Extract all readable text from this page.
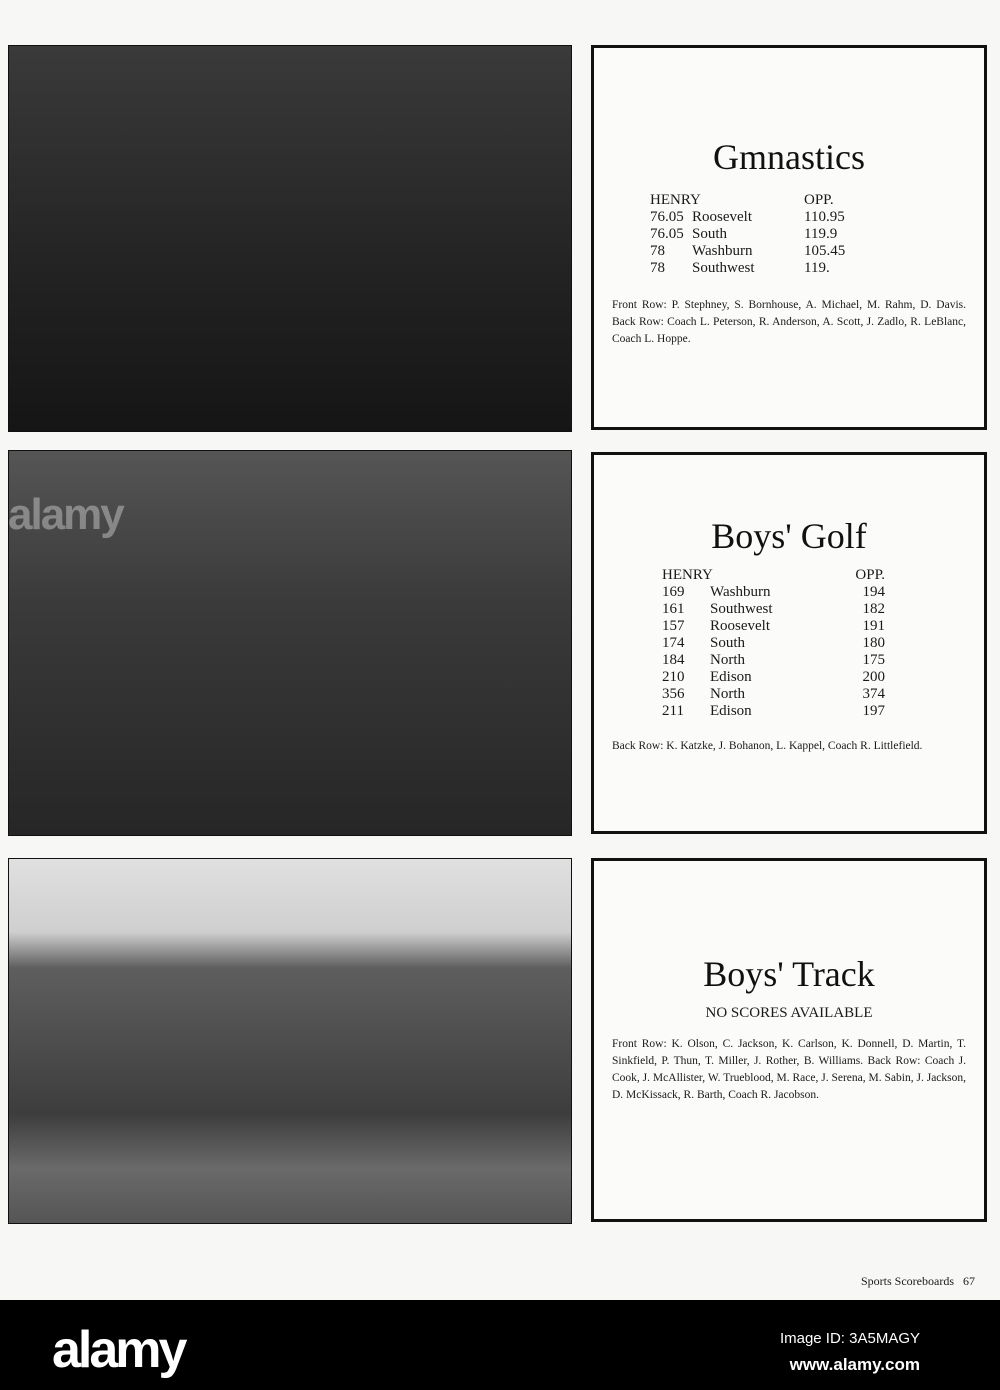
alamy
Gmnastics
HENRY		OPP.
76.05	Roosevelt	110.95
76.05	South	119.9
78	Washburn	105.45
78	Southwest	119.
Front Row: P. Stephney, S. Bornhouse, A. Michael, M. Rahm, D. Davis. Back Row: Coach L. Peterson, R. Anderson, A. Scott, J. Zadlo, R. LeBlanc, Coach L. Hoppe.
Boys' Golf
HENRY		OPP.
169	Washburn	194
161	Southwest	182
157	Roosevelt	191
174	South	180
184	North	175
210	Edison	200
356	North	374
211	Edison	197
Back Row: K. Katzke, J. Bohanon, L. Kappel, Coach R. Littlefield.
Boys' Track
NO SCORES AVAILABLE
Front Row: K. Olson, C. Jackson, K. Carlson, K. Donnell, D. Martin, T. Sinkfield, P. Thun, T. Miller, J. Rother, B. Williams. Back Row: Coach J. Cook, J. McAllister, W. Trueblood, M. Race, J. Serena, M. Sabin, J. Jackson, D. McKissack, R. Barth, Coach R. Jacobson.
Sports Scoreboards 67
alamy	Image ID: 3A5MAGY
www.alamy.com
